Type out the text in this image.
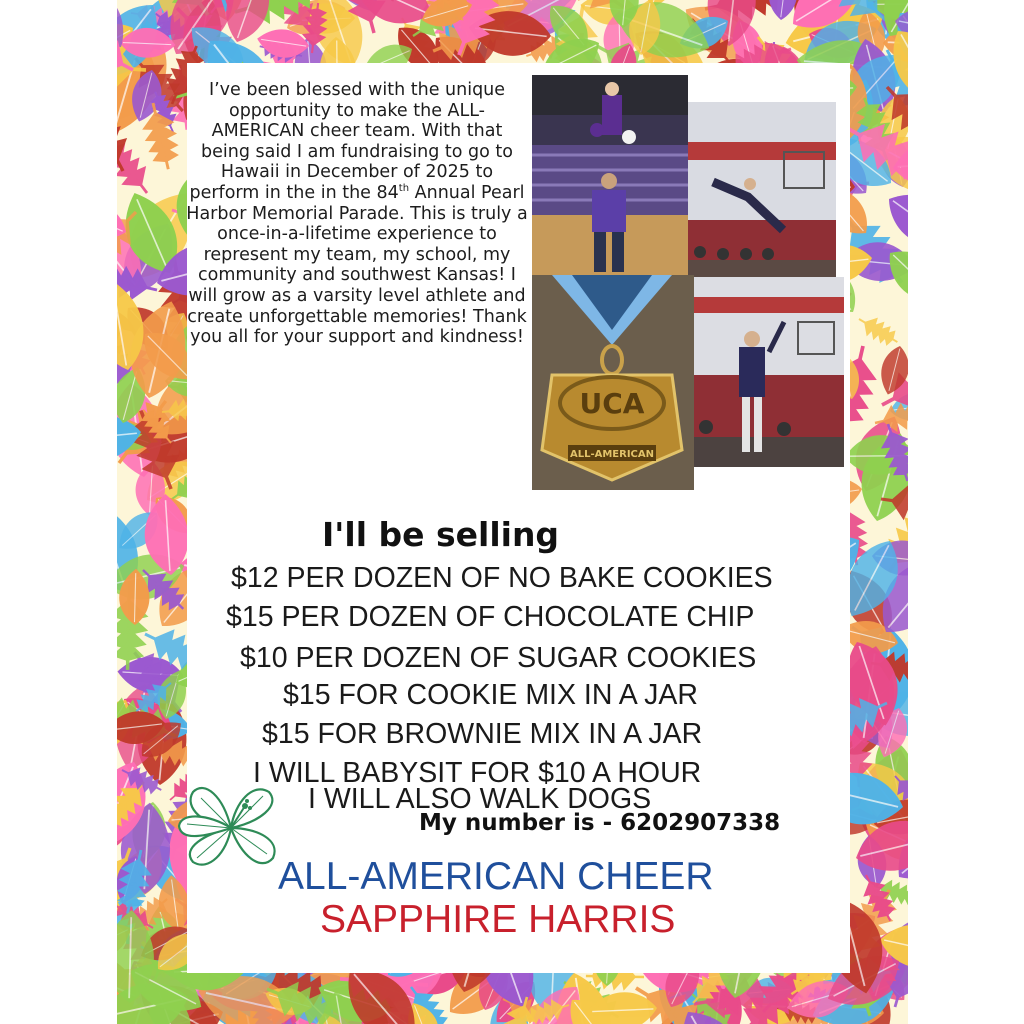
I’ve been blessed with the unique opportunity to make the ALL-AMERICAN cheer team. With that being said I am fundraising to go to Hawaii in December of 2025 to perform in the in the 84th Annual Pearl Harbor Memorial Parade. This is truly a once-in-a-lifetime experience to represent my team, my school, my community and southwest Kansas! I will grow as a varsity level athlete and create unforgettable memories! Thank you all for your support and kindness!

UCA
ALL-AMERICAN
I'll be selling
$12 PER DOZEN OF NO BAKE COOKIES
$15 PER DOZEN OF CHOCOLATE CHIP
$10 PER DOZEN OF SUGAR COOKIES
$15 FOR COOKIE MIX IN A JAR
$15 FOR BROWNIE MIX IN A JAR
I WILL BABYSIT FOR $10 A HOUR
I WILL ALSO WALK DOGS
My number is - 6202907338
ALL-AMERICAN CHEER
SAPPHIRE HARRIS
